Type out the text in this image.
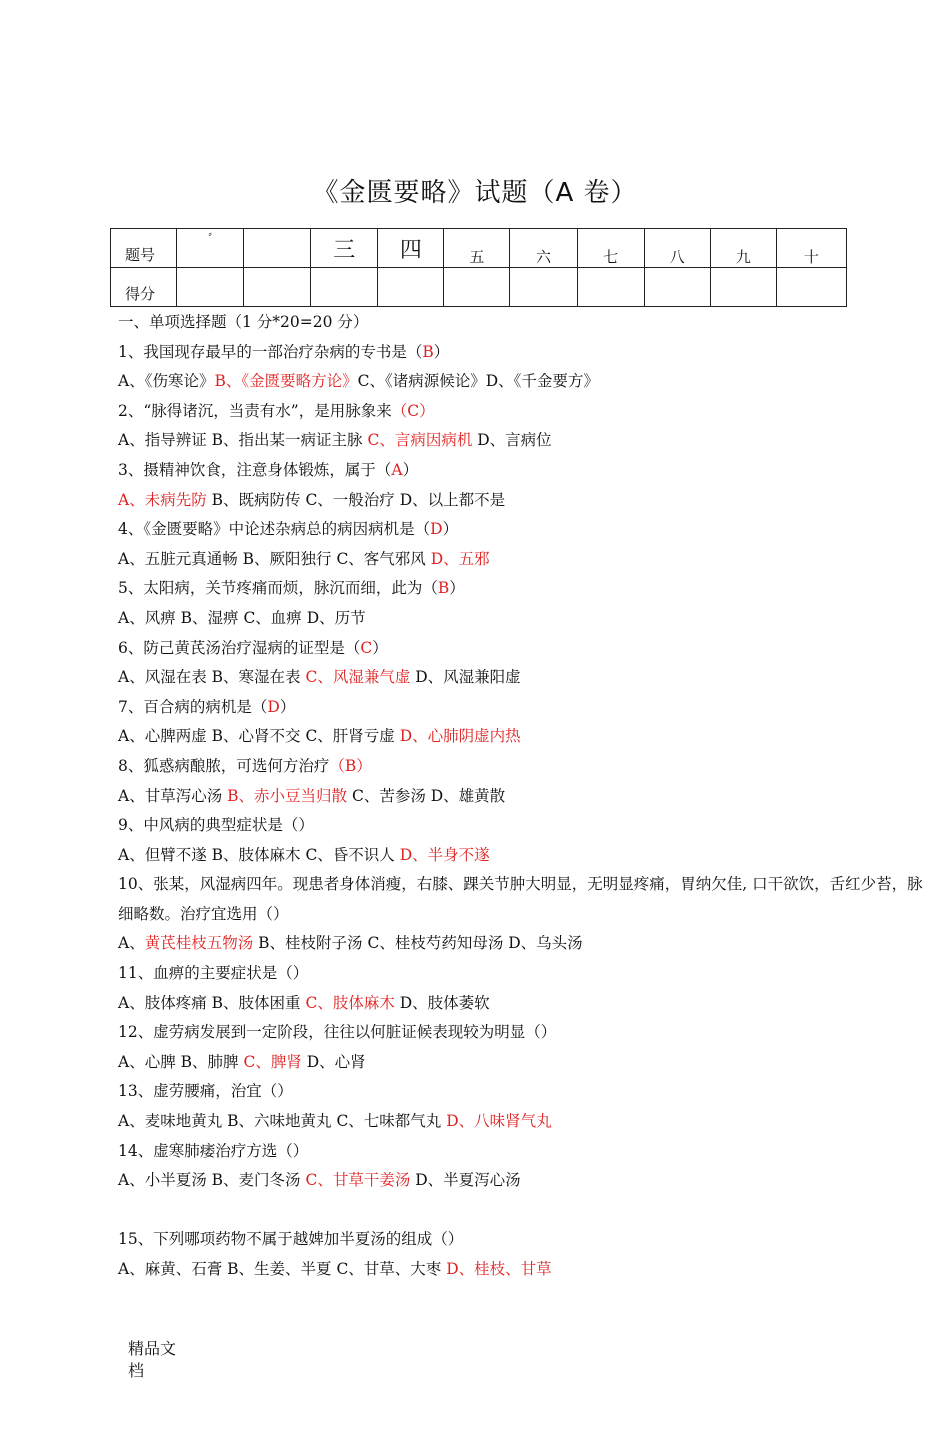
《金匮要略》试题（A 卷）
题号	⸗		三	四	五	六	七	八	九	十
得分										
一、单项选择题（1 分*20=20 分）
1、我国现存最早的一部治疗杂病的专书是（B）
A、《伤寒论》B、《金匮要略方论》C、《诸病源候论》D、《千金要方》
2、“脉得诸沉，当责有水”，是用脉象来（C）
A、指导辨证 B、指出某一病证主脉 C、言病因病机 D、言病位
3、摄精神饮食，注意身体锻炼，属于（A）
A、未病先防 B、既病防传 C、一般治疗 D、以上都不是
4、《金匮要略》中论述杂病总的病因病机是（D）
A、五脏元真通畅 B、厥阳独行 C、客气邪风 D、五邪
5、太阳病，关节疼痛而烦，脉沉而细，此为（B）
A、风痹 B、湿痹 C、血痹 D、历节
6、防己黄芪汤治疗湿病的证型是（C）
A、风湿在表 B、寒湿在表 C、风湿兼气虚 D、风湿兼阳虚
7、百合病的病机是（D）
A、心脾两虚 B、心肾不交 C、肝肾亏虚 D、心肺阴虚内热
8、狐惑病酿脓，可选何方治疗（B）
A、甘草泻心汤 B、赤小豆当归散 C、苦参汤 D、雄黄散
9、中风病的典型症状是（）
A、但臂不遂 B、肢体麻木 C、昏不识人 D、半身不遂
10、张某，风湿病四年。现患者身体消瘦，右膝、踝关节肿大明显，无明显疼痛，胃纳欠佳, 口干欲饮，舌红少苔，脉细略数。治疗宜选用（）
A、黄芪桂枝五物汤 B、桂枝附子汤 C、桂枝芍药知母汤 D、乌头汤
11、血痹的主要症状是（）
A、肢体疼痛 B、肢体困重 C、肢体麻木 D、肢体萎软
12、虚劳病发展到一定阶段，往往以何脏证候表现较为明显（）
A、心脾 B、肺脾 C、脾肾 D、心肾
13、虚劳腰痛，治宜（）
A、麦味地黄丸 B、六味地黄丸 C、七味都气丸 D、八味肾气丸
14、虚寒肺痿治疗方选（）
A、小半夏汤 B、麦门冬汤 C、甘草干姜汤 D、半夏泻心汤
15、下列哪项药物不属于越婢加半夏汤的组成（）
A、麻黄、石膏 B、生姜、半夏 C、甘草、大枣 D、桂枝、甘草
精品文档
